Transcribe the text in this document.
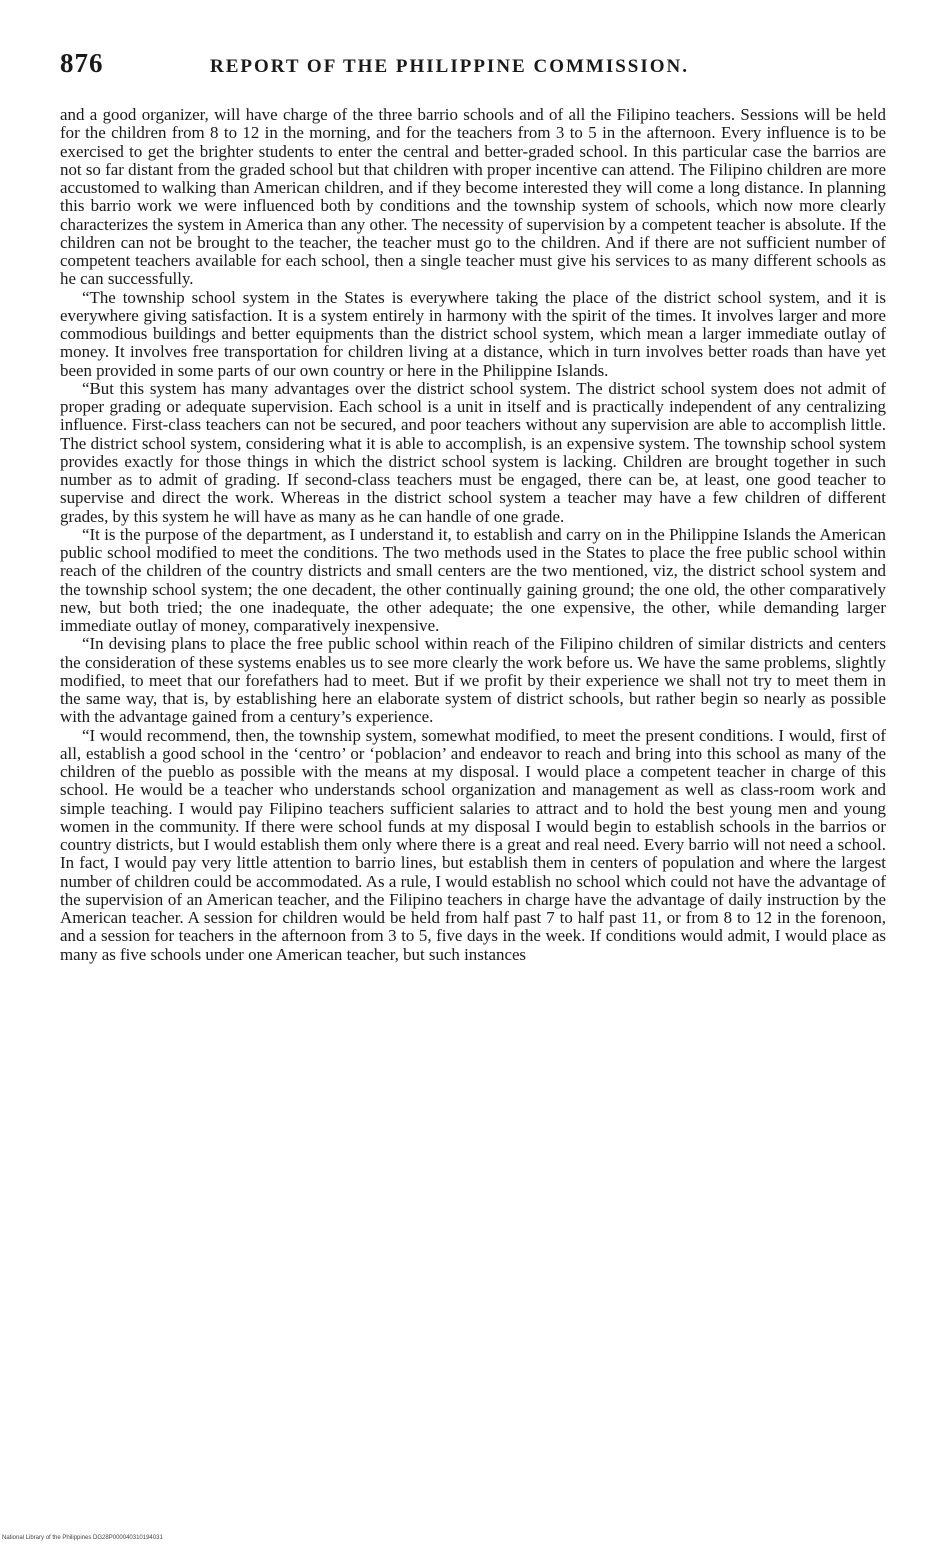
876	REPORT OF THE PHILIPPINE COMMISSION.

and a good organizer, will have charge of the three barrio schools and of all the Filipino teachers. Sessions will be held for the children from 8 to 12 in the morning, and for the teachers from 3 to 5 in the afternoon. Every influence is to be exercised to get the brighter students to enter the central and better-graded school. In this particular case the barrios are not so far distant from the graded school but that children with proper incentive can attend. The Filipino children are more accustomed to walking than American children, and if they become interested they will come a long distance. In planning this barrio work we were influenced both by conditions and the township system of schools, which now more clearly characterizes the system in America than any other. The necessity of supervision by a competent teacher is absolute. If the children can not be brought to the teacher, the teacher must go to the children. And if there are not sufficient number of competent teachers available for each school, then a single teacher must give his services to as many different schools as he can successfully.

“The township school system in the States is everywhere taking the place of the district school system, and it is everywhere giving satisfaction. It is a system entirely in harmony with the spirit of the times. It involves larger and more commodious buildings and better equipments than the district school system, which mean a larger immediate outlay of money. It involves free transportation for children living at a distance, which in turn involves better roads than have yet been provided in some parts of our own country or here in the Philippine Islands.

“But this system has many advantages over the district school system. The district school system does not admit of proper grading or adequate supervision. Each school is a unit in itself and is practically independent of any centralizing influence. First-class teachers can not be secured, and poor teachers without any supervision are able to accomplish little. The district school system, considering what it is able to accomplish, is an expensive system. The township school system provides exactly for those things in which the district school system is lacking. Children are brought together in such number as to admit of grading. If second-class teachers must be engaged, there can be, at least, one good teacher to supervise and direct the work. Whereas in the district school system a teacher may have a few children of different grades, by this system he will have as many as he can handle of one grade.

“It is the purpose of the department, as I understand it, to establish and carry on in the Philippine Islands the American public school modified to meet the conditions. The two methods used in the States to place the free public school within reach of the children of the country districts and small centers are the two mentioned, viz, the district school system and the township school system; the one decadent, the other continually gaining ground; the one old, the other comparatively new, but both tried; the one inadequate, the other adequate; the one expensive, the other, while demanding larger immediate outlay of money, comparatively inexpensive.

“In devising plans to place the free public school within reach of the Filipino children of similar districts and centers the consideration of these systems enables us to see more clearly the work before us. We have the same problems, slightly modified, to meet that our forefathers had to meet. But if we profit by their experience we shall not try to meet them in the same way, that is, by establishing here an elaborate system of district schools, but rather begin so nearly as possible with the advantage gained from a century’s experience.

“I would recommend, then, the township system, somewhat modified, to meet the present conditions. I would, first of all, establish a good school in the ‘centro’ or ‘poblacion’ and endeavor to reach and bring into this school as many of the children of the pueblo as possible with the means at my disposal. I would place a competent teacher in charge of this school. He would be a teacher who understands school organization and management as well as class-room work and simple teaching. I would pay Filipino teachers sufficient salaries to attract and to hold the best young men and young women in the community. If there were school funds at my disposal I would begin to establish schools in the barrios or country districts, but I would establish them only where there is a great and real need. Every barrio will not need a school. In fact, I would pay very little attention to barrio lines, but establish them in centers of population and where the largest number of children could be accommodated. As a rule, I would establish no school which could not have the advantage of the supervision of an American teacher, and the Filipino teachers in charge have the advantage of daily instruction by the American teacher. A session for children would be held from half past 7 to half past 11, or from 8 to 12 in the forenoon, and a session for teachers in the afternoon from 3 to 5, five days in the week. If conditions would admit, I would place as many as five schools under one American teacher, but such instances

National Library of the Philippines DG28P000040310194031
